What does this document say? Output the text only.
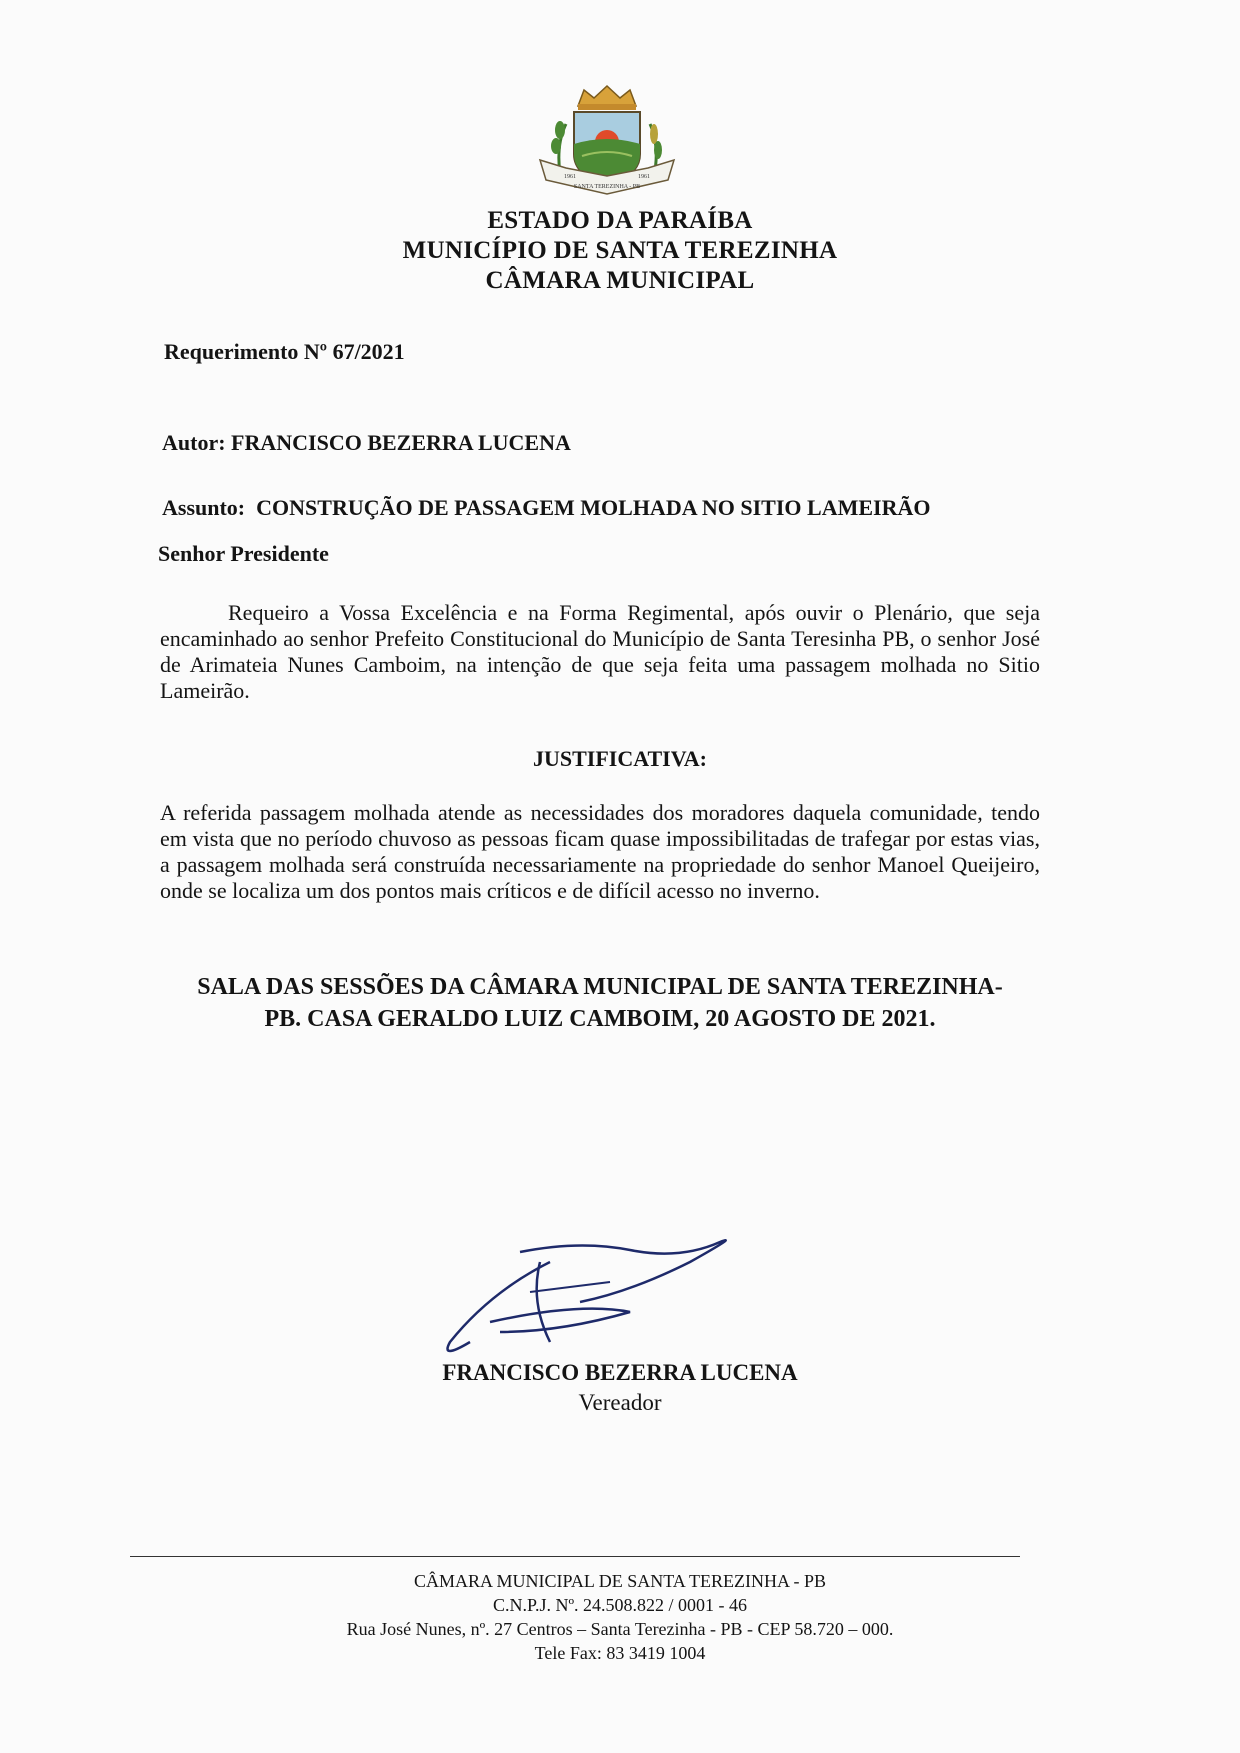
1961	1961
SANTA TEREZINHA - PB
ESTADO DA PARAÍBA
MUNICÍPIO DE SANTA TEREZINHA
CÂMARA MUNICIPAL
Requerimento Nº 67/2021
Autor: FRANCISCO BEZERRA LUCENA
Assunto: CONSTRUÇÃO DE PASSAGEM MOLHADA NO SITIO LAMEIRÃO
Senhor Presidente
Requeiro a Vossa Excelência e na Forma Regimental, após ouvir o Plenário, que seja encaminhado ao senhor Prefeito Constitucional do Município de Santa Teresinha PB, o senhor José de Arimateia Nunes Camboim, na intenção de que seja feita uma passagem molhada no Sitio Lameirão.
JUSTIFICATIVA:
A referida passagem molhada atende as necessidades dos moradores daquela comunidade, tendo em vista que no período chuvoso as pessoas ficam quase impossibilitadas de trafegar por estas vias, a passagem molhada será construída necessariamente na propriedade do senhor Manoel Queijeiro, onde se localiza um dos pontos mais críticos e de difícil acesso no inverno.
SALA DAS SESSÕES DA CÂMARA MUNICIPAL DE SANTA TEREZINHA-
PB. CASA GERALDO LUIZ CAMBOIM, 20 AGOSTO DE 2021.
FRANCISCO BEZERRA LUCENA
Vereador
CÂMARA MUNICIPAL DE SANTA TEREZINHA - PB
C.N.P.J. Nº. 24.508.822 / 0001 - 46
Rua José Nunes, nº. 27 Centros – Santa Terezinha - PB - CEP 58.720 – 000.
Tele Fax: 83 3419 1004
